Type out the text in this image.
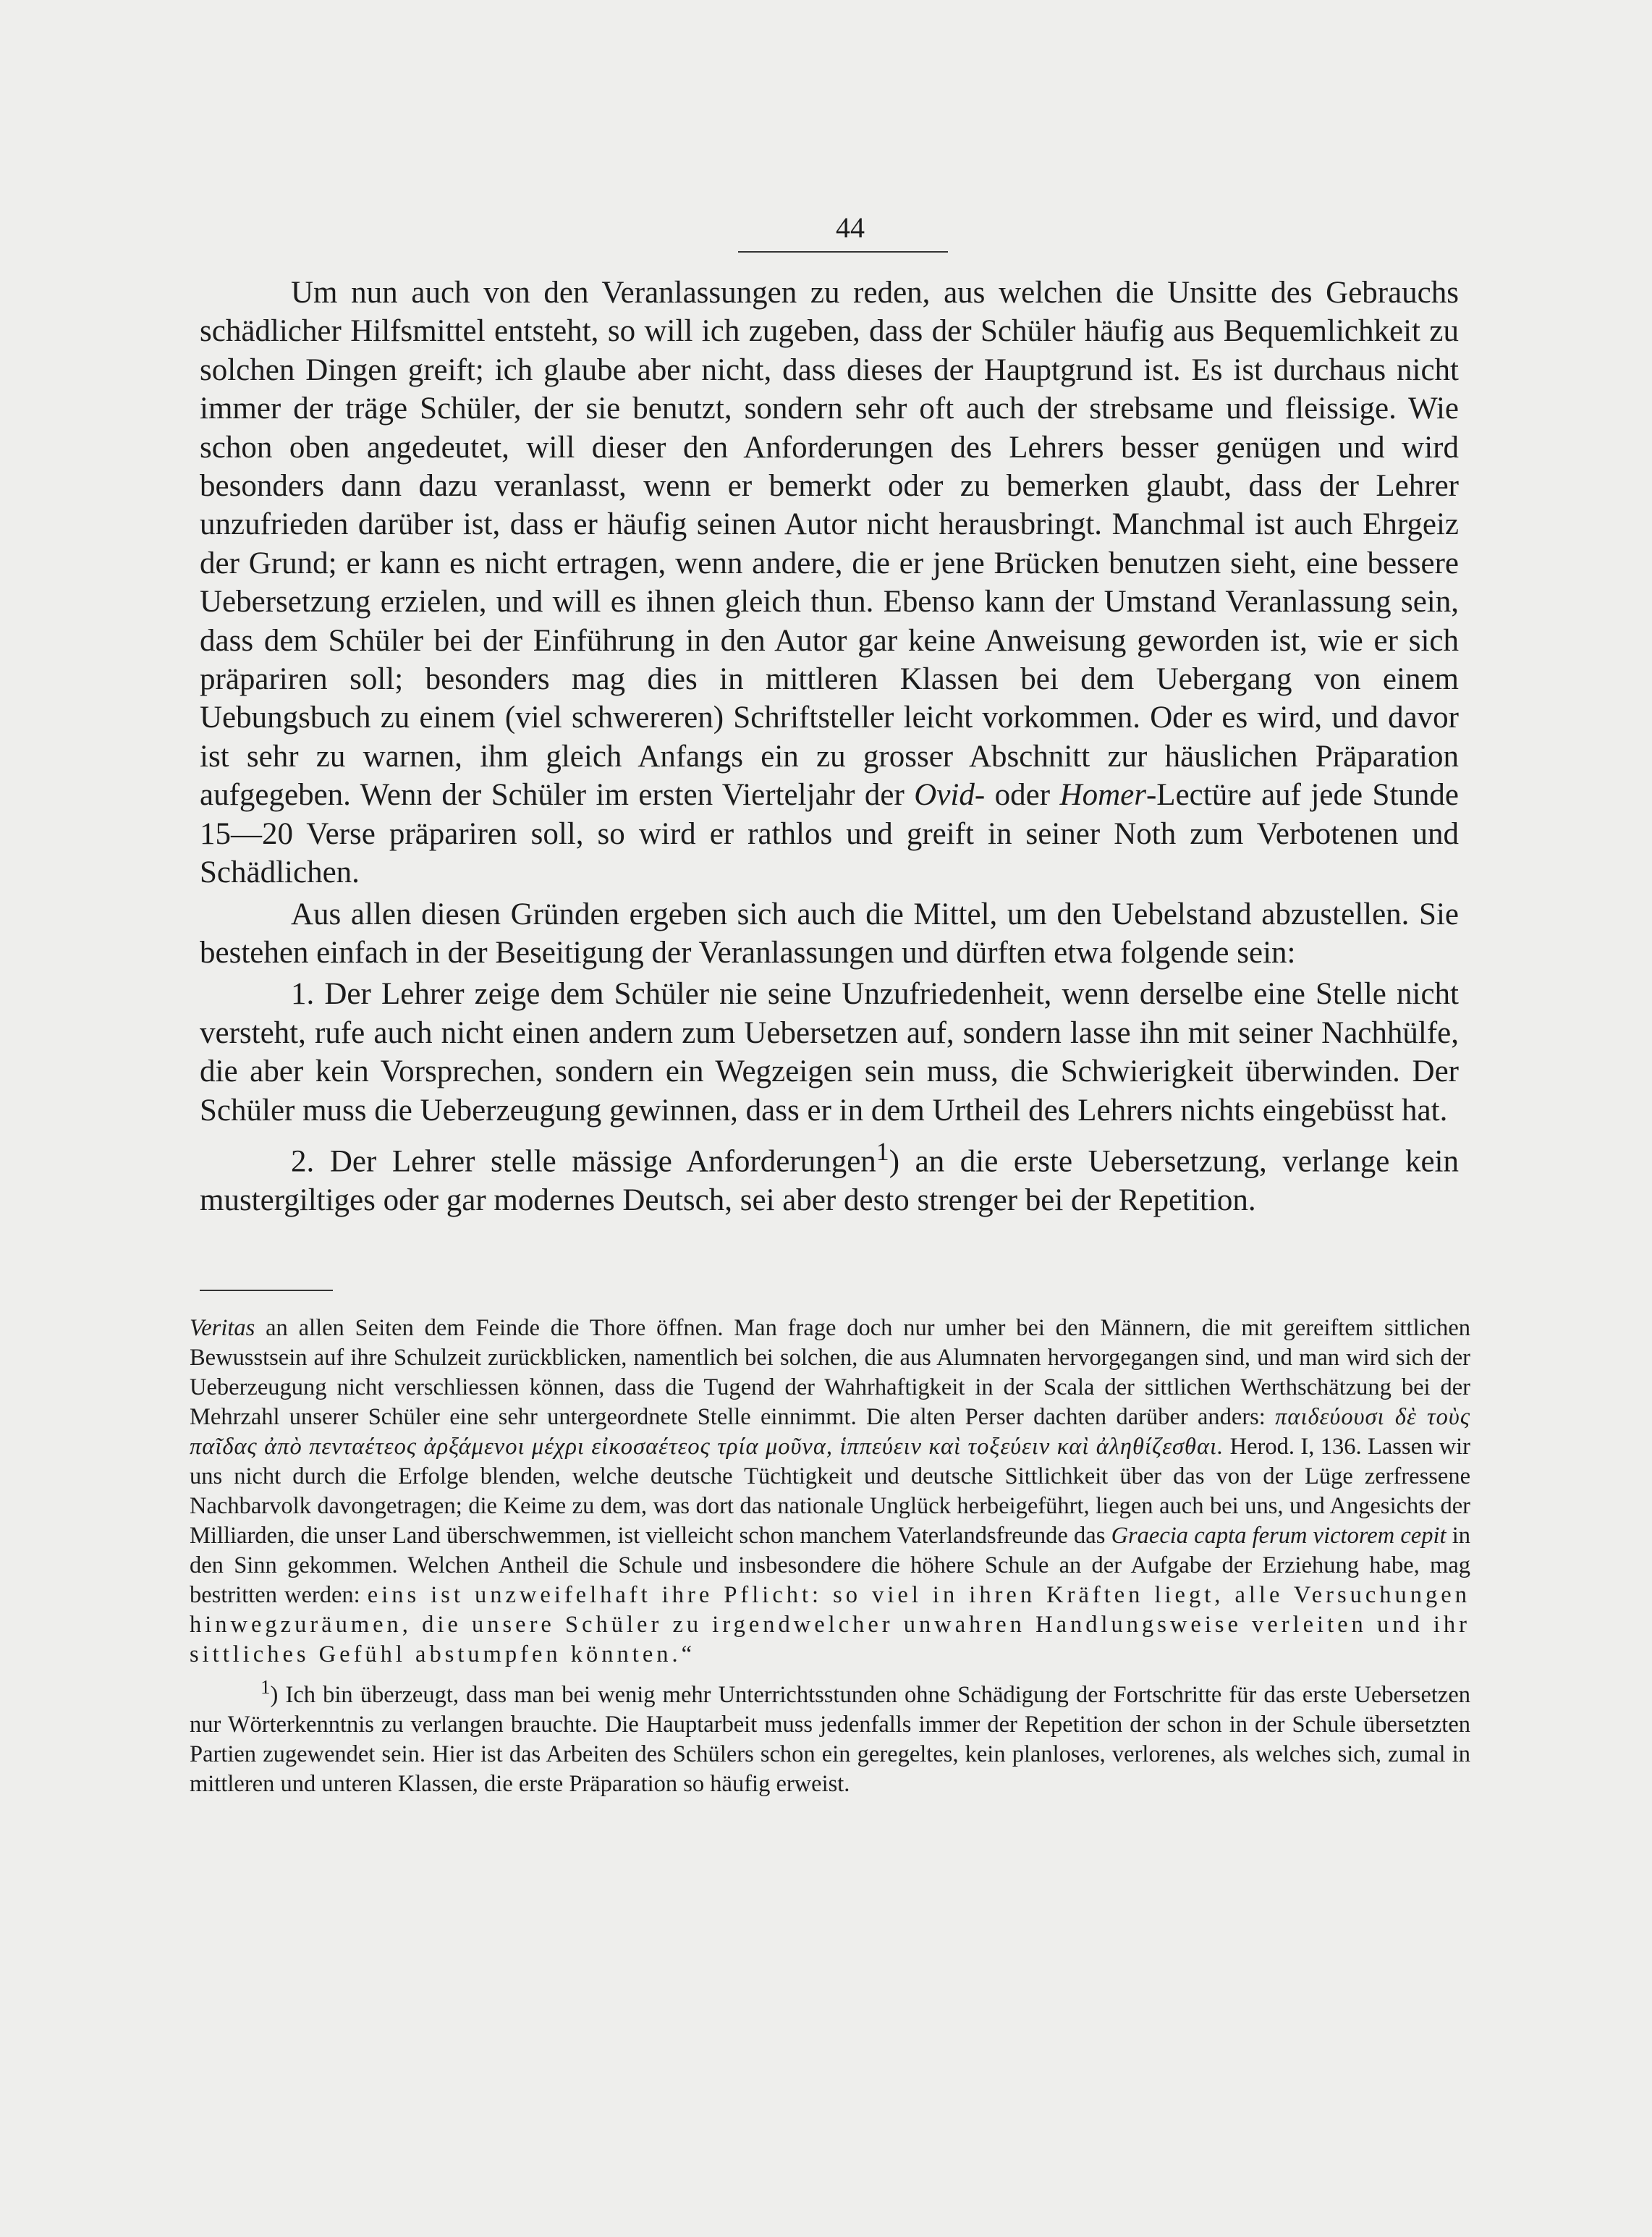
44

Um nun auch von den Veranlassungen zu reden, aus welchen die Unsitte des Gebrauchs schädlicher Hilfsmittel entsteht, so will ich zugeben, dass der Schüler häufig aus Bequemlichkeit zu solchen Dingen greift; ich glaube aber nicht, dass dieses der Hauptgrund ist. Es ist durchaus nicht immer der träge Schüler, der sie benutzt, sondern sehr oft auch der strebsame und fleissige. Wie schon oben angedeutet, will dieser den Anforderungen des Lehrers besser genügen und wird besonders dann dazu veranlasst, wenn er bemerkt oder zu bemerken glaubt, dass der Lehrer unzufrieden darüber ist, dass er häufig seinen Autor nicht herausbringt. Manchmal ist auch Ehrgeiz der Grund; er kann es nicht ertragen, wenn andere, die er jene Brücken benutzen sieht, eine bessere Uebersetzung erzielen, und will es ihnen gleich thun. Ebenso kann der Umstand Veranlassung sein, dass dem Schüler bei der Einführung in den Autor gar keine Anweisung geworden ist, wie er sich präpariren soll; besonders mag dies in mittleren Klassen bei dem Uebergang von einem Uebungsbuch zu einem (viel schwereren) Schriftsteller leicht vorkommen. Oder es wird, und davor ist sehr zu warnen, ihm gleich Anfangs ein zu grosser Abschnitt zur häuslichen Präparation aufgegeben. Wenn der Schüler im ersten Vierteljahr der Ovid- oder Homer-Lectüre auf jede Stunde 15—20 Verse präpariren soll, so wird er rathlos und greift in seiner Noth zum Verbotenen und Schädlichen.

Aus allen diesen Gründen ergeben sich auch die Mittel, um den Uebelstand abzustellen. Sie bestehen einfach in der Beseitigung der Veranlassungen und dürften etwa folgende sein:

1. Der Lehrer zeige dem Schüler nie seine Unzufriedenheit, wenn derselbe eine Stelle nicht versteht, rufe auch nicht einen andern zum Uebersetzen auf, sondern lasse ihn mit seiner Nachhülfe, die aber kein Vorsprechen, sondern ein Wegzeigen sein muss, die Schwierigkeit überwinden. Der Schüler muss die Ueberzeugung gewinnen, dass er in dem Urtheil des Lehrers nichts eingebüsst hat.

2. Der Lehrer stelle mässige Anforderungen$^1$) an die erste Uebersetzung, verlange kein mustergiltiges oder gar modernes Deutsch, sei aber desto strenger bei der Repetition.

Veritas an allen Seiten dem Feinde die Thore öffnen. Man frage doch nur umher bei den Männern, die mit gereiftem sittlichen Bewusstsein auf ihre Schulzeit zurückblicken, namentlich bei solchen, die aus Alumnaten hervorgegangen sind, und man wird sich der Ueberzeugung nicht verschliessen können, dass die Tugend der Wahrhaftigkeit in der Scala der sittlichen Werthschätzung bei der Mehrzahl unserer Schüler eine sehr untergeordnete Stelle einnimmt. Die alten Perser dachten darüber anders: παιδεύουσι δὲ τοὺς παῖδας ἀπὸ πενταέτεος ἀρξάμενοι μέχρι εἰκοσαέτεος τρία μοῦνα, ἱππεύειν καὶ τοξεύειν καὶ ἀληθίζεσθαι. Herod. I, 136. Lassen wir uns nicht durch die Erfolge blenden, welche deutsche Tüchtigkeit und deutsche Sittlichkeit über das von der Lüge zerfressene Nachbarvolk davongetragen; die Keime zu dem, was dort das nationale Unglück herbeigeführt, liegen auch bei uns, und Angesichts der Milliarden, die unser Land überschwemmen, ist vielleicht schon manchem Vaterlandsfreunde das Graecia capta ferum victorem cepit in den Sinn gekommen. Welchen Antheil die Schule und insbesondere die höhere Schule an der Aufgabe der Erziehung habe, mag bestritten werden: eins ist unzweifelhaft ihre Pflicht: so viel in ihren Kräften liegt, alle Versuchungen hinwegzuräumen, die unsere Schüler zu irgendwelcher unwahren Handlungsweise verleiten und ihr sittliches Gefühl abstumpfen könnten.“

$^1$) Ich bin überzeugt, dass man bei wenig mehr Unterrichtsstunden ohne Schädigung der Fortschritte für das erste Uebersetzen nur Wörterkenntnis zu verlangen brauchte. Die Hauptarbeit muss jedenfalls immer der Repetition der schon in der Schule übersetzten Partien zugewendet sein. Hier ist das Arbeiten des Schülers schon ein geregeltes, kein planloses, verlorenes, als welches sich, zumal in mittleren und unteren Klassen, die erste Präparation so häufig erweist.
